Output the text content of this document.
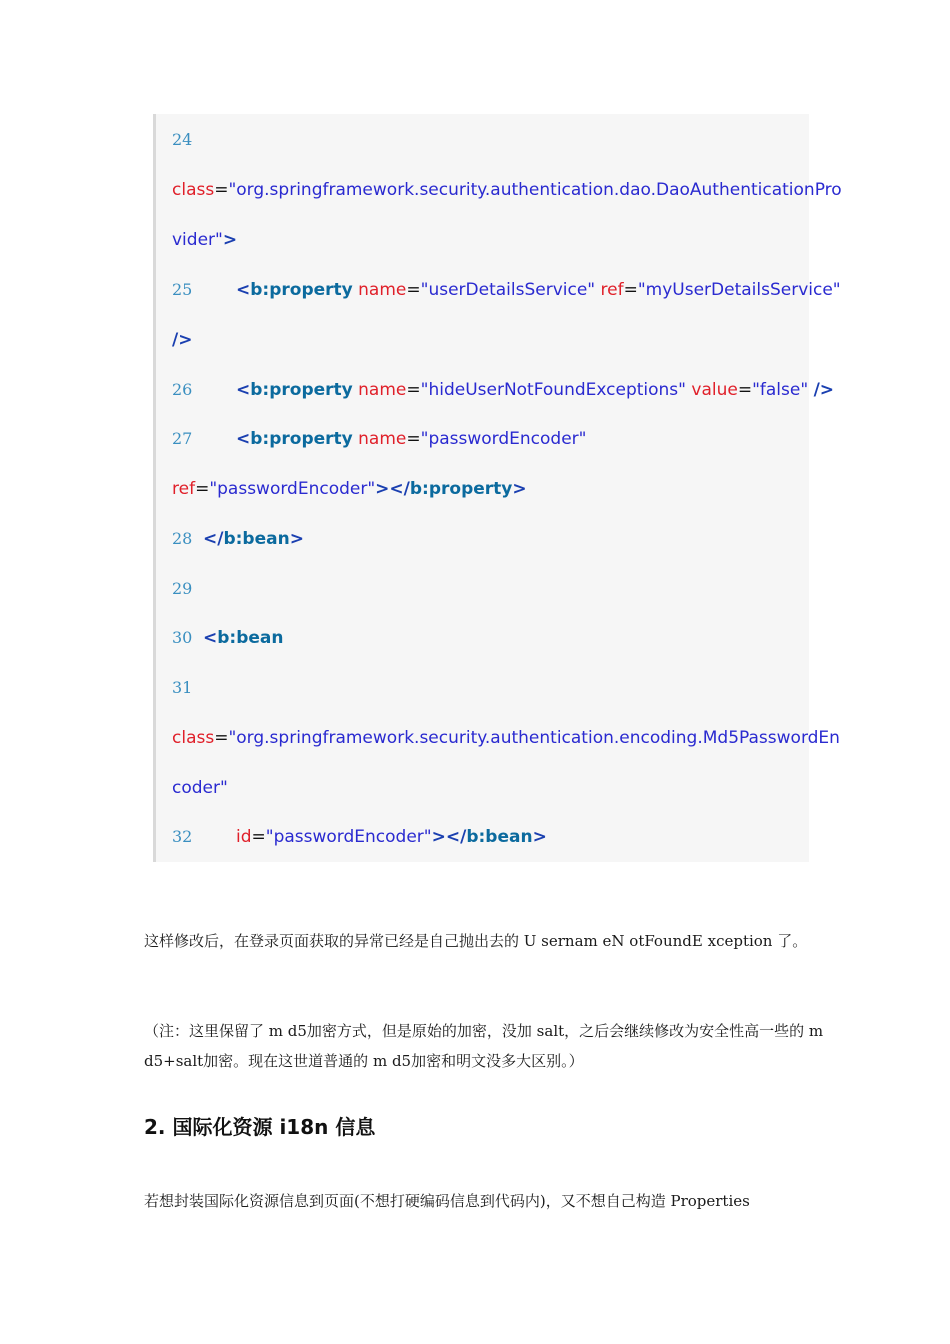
24
class="org.springframework.security.authentication.dao.DaoAuthenticationPro
vider">
25	<b:property name="userDetailsService" ref="myUserDetailsService"
/>
26	<b:property name="hideUserNotFoundExceptions" value="false" />
27	<b:property name="passwordEncoder"
ref="passwordEncoder"></b:property>
28 </b:bean>
29
30 <b:bean
31
class="org.springframework.security.authentication.encoding.Md5PasswordEn
coder"
32	id="passwordEncoder"></b:bean>
这样修改后，在登录页面获取的异常已经是自己抛出去的 U sernam eN otFoundE xception 了。
（注：这里保留了 m d5加密方式，但是原始的加密，没加 salt，之后会继续修改为安全性高一些的 m d5+salt加密。现在这世道普通的 m d5加密和明文没多大区别。）
2. 国际化资源 i18n 信息
若想封装国际化资源信息到页面(不想打硬编码信息到代码内)，又不想自己构造 Properties
